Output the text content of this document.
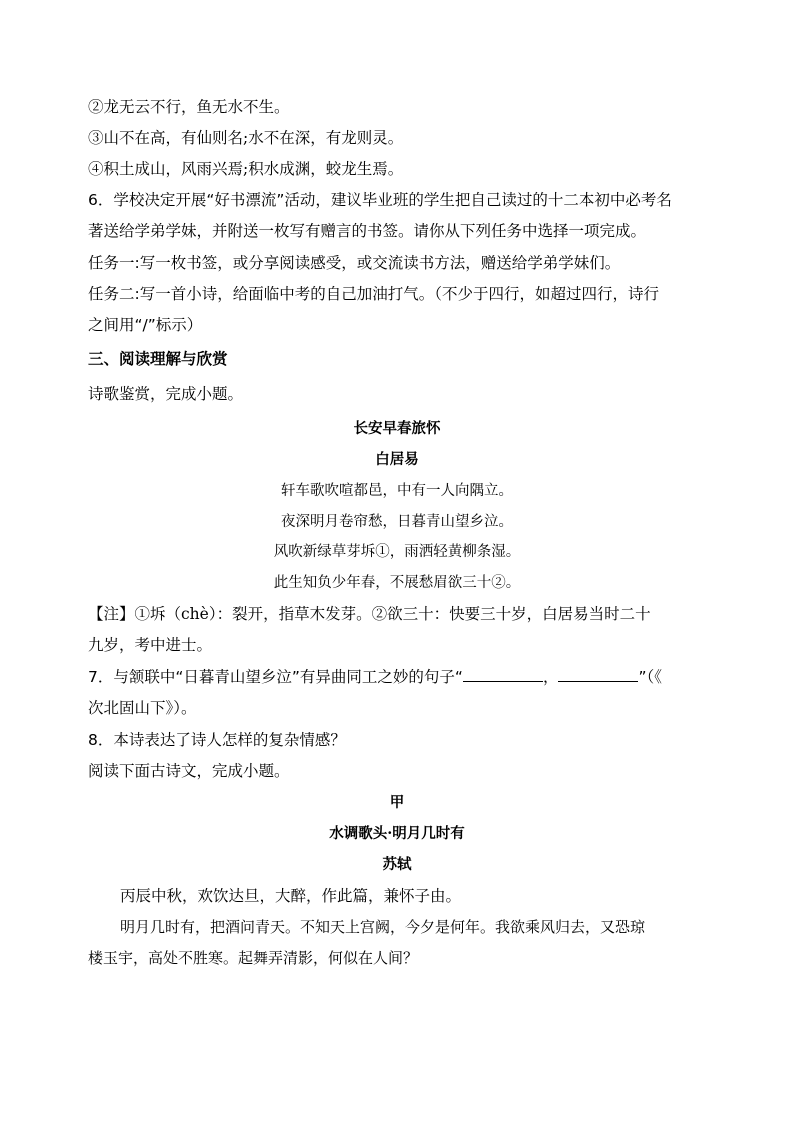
②龙无云不行，鱼无水不生。
③山不在高，有仙则名;水不在深，有龙则灵。
④积土成山，风雨兴焉;积水成渊，蛟龙生焉。
6．学校决定开展“好书漂流”活动，建议毕业班的学生把自己读过的十二本初中必考名
著送给学弟学妹，并附送一枚写有赠言的书签。请你从下列任务中选择一项完成。
任务一:写一枚书签，或分享阅读感受，或交流读书方法，赠送给学弟学妹们。
任务二:写一首小诗，给面临中考的自己加油打气。（不少于四行，如超过四行，诗行
之间用“/”标示）
三、阅读理解与欣赏
诗歌鉴赏，完成小题。
长安早春旅怀
白居易
轩车歌吹喧都邑，中有一人向隅立。
夜深明月卷帘愁，日暮青山望乡泣。
风吹新绿草芽坼①，雨洒轻黄柳条湿。
此生知负少年春，不展愁眉欲三十②。
【注】①坼（chè）：裂开，指草木发芽。②欲三十：快要三十岁，白居易当时二十
九岁，考中进士。
7．与颔联中“日暮青山望乡泣”有异曲同工之妙的句子“	，	”（《
次北固山下》）。
8．本诗表达了诗人怎样的复杂情感？
阅读下面古诗文，完成小题。
甲
水调歌头·明月几时有
苏轼
丙辰中秋，欢饮达旦，大醉，作此篇，兼怀子由。
明月几时有，把酒问青天。不知天上宫阙，今夕是何年。我欲乘风归去，又恐琼
楼玉宇，高处不胜寒。起舞弄清影，何似在人间？
